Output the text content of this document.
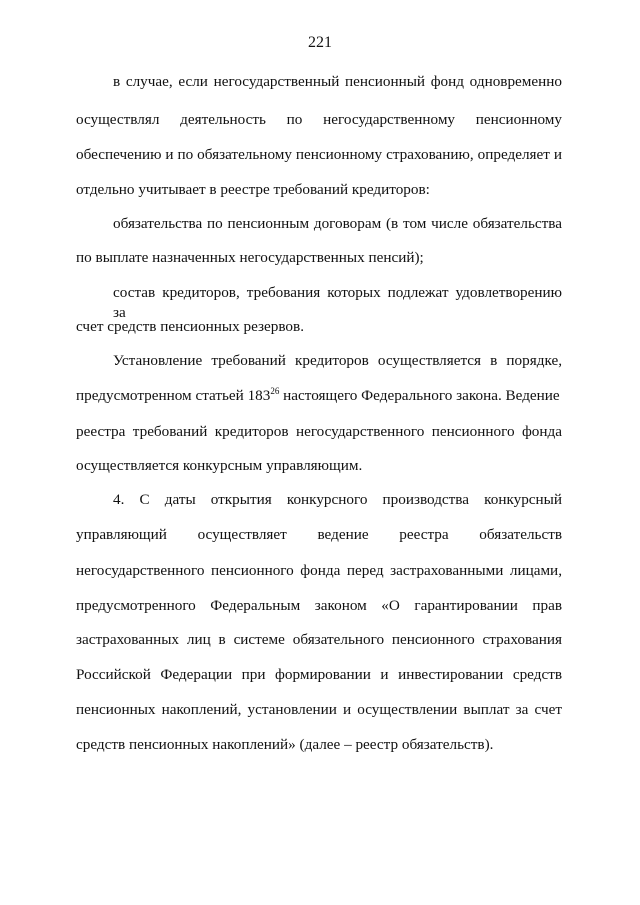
221
в случае, если негосударственный пенсионный фонд одновременно
осуществлял деятельность по негосударственному пенсионному
обеспечению и по обязательному пенсионному страхованию, определяет и
отдельно учитывает в реестре требований кредиторов:
обязательства по пенсионным договорам (в том числе обязательства
по выплате назначенных негосударственных пенсий);
состав кредиторов, требования которых подлежат удовлетворению за
счет средств пенсионных резервов.
Установление требований кредиторов осуществляется в порядке,
предусмотренном статьей $183^{26}$ настоящего Федерального закона. Ведение
реестра требований кредиторов негосударственного пенсионного фонда
осуществляется конкурсным управляющим.
4. С даты открытия конкурсного производства конкурсный
управляющий осуществляет ведение реестра обязательств
негосударственного пенсионного фонда перед застрахованными лицами,
предусмотренного Федеральным законом «О гарантировании прав
застрахованных лиц в системе обязательного пенсионного страхования
Российской Федерации при формировании и инвестировании средств
пенсионных накоплений, установлении и осуществлении выплат за счет
средств пенсионных накоплений» (далее – реестр обязательств).
